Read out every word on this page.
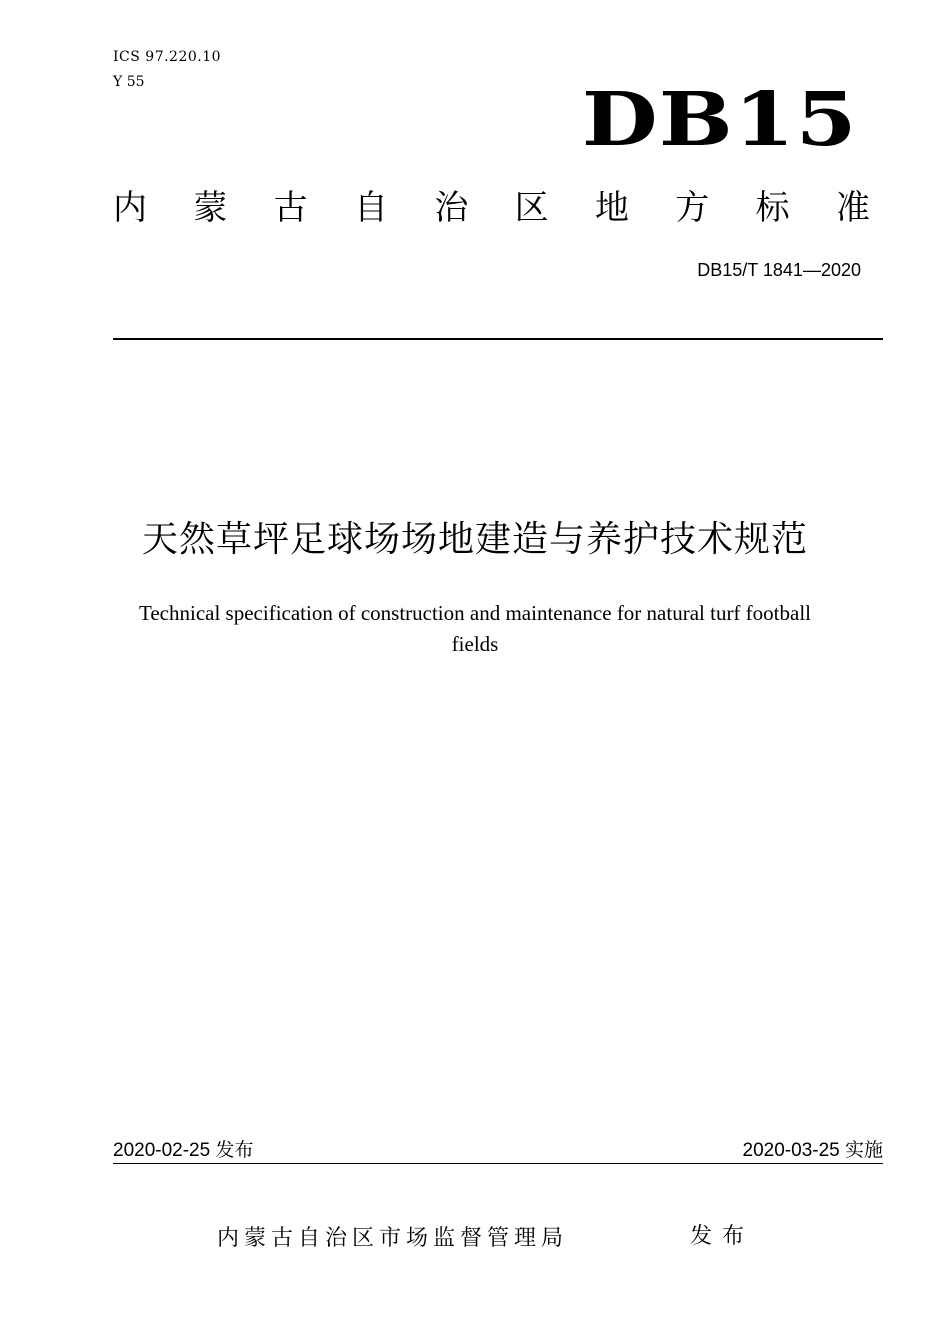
ICS 97.220.10
Y 55	DB15
内 蒙 古 自 治 区 地 方 标 准
DB15/T 1841—2020
天然草坪足球场场地建造与养护技术规范
Technical specification of construction and maintenance for natural turf football
fields
2020-02-25 发布	2020-03-25 实施
内蒙古自治区市场监督管理局	发布
